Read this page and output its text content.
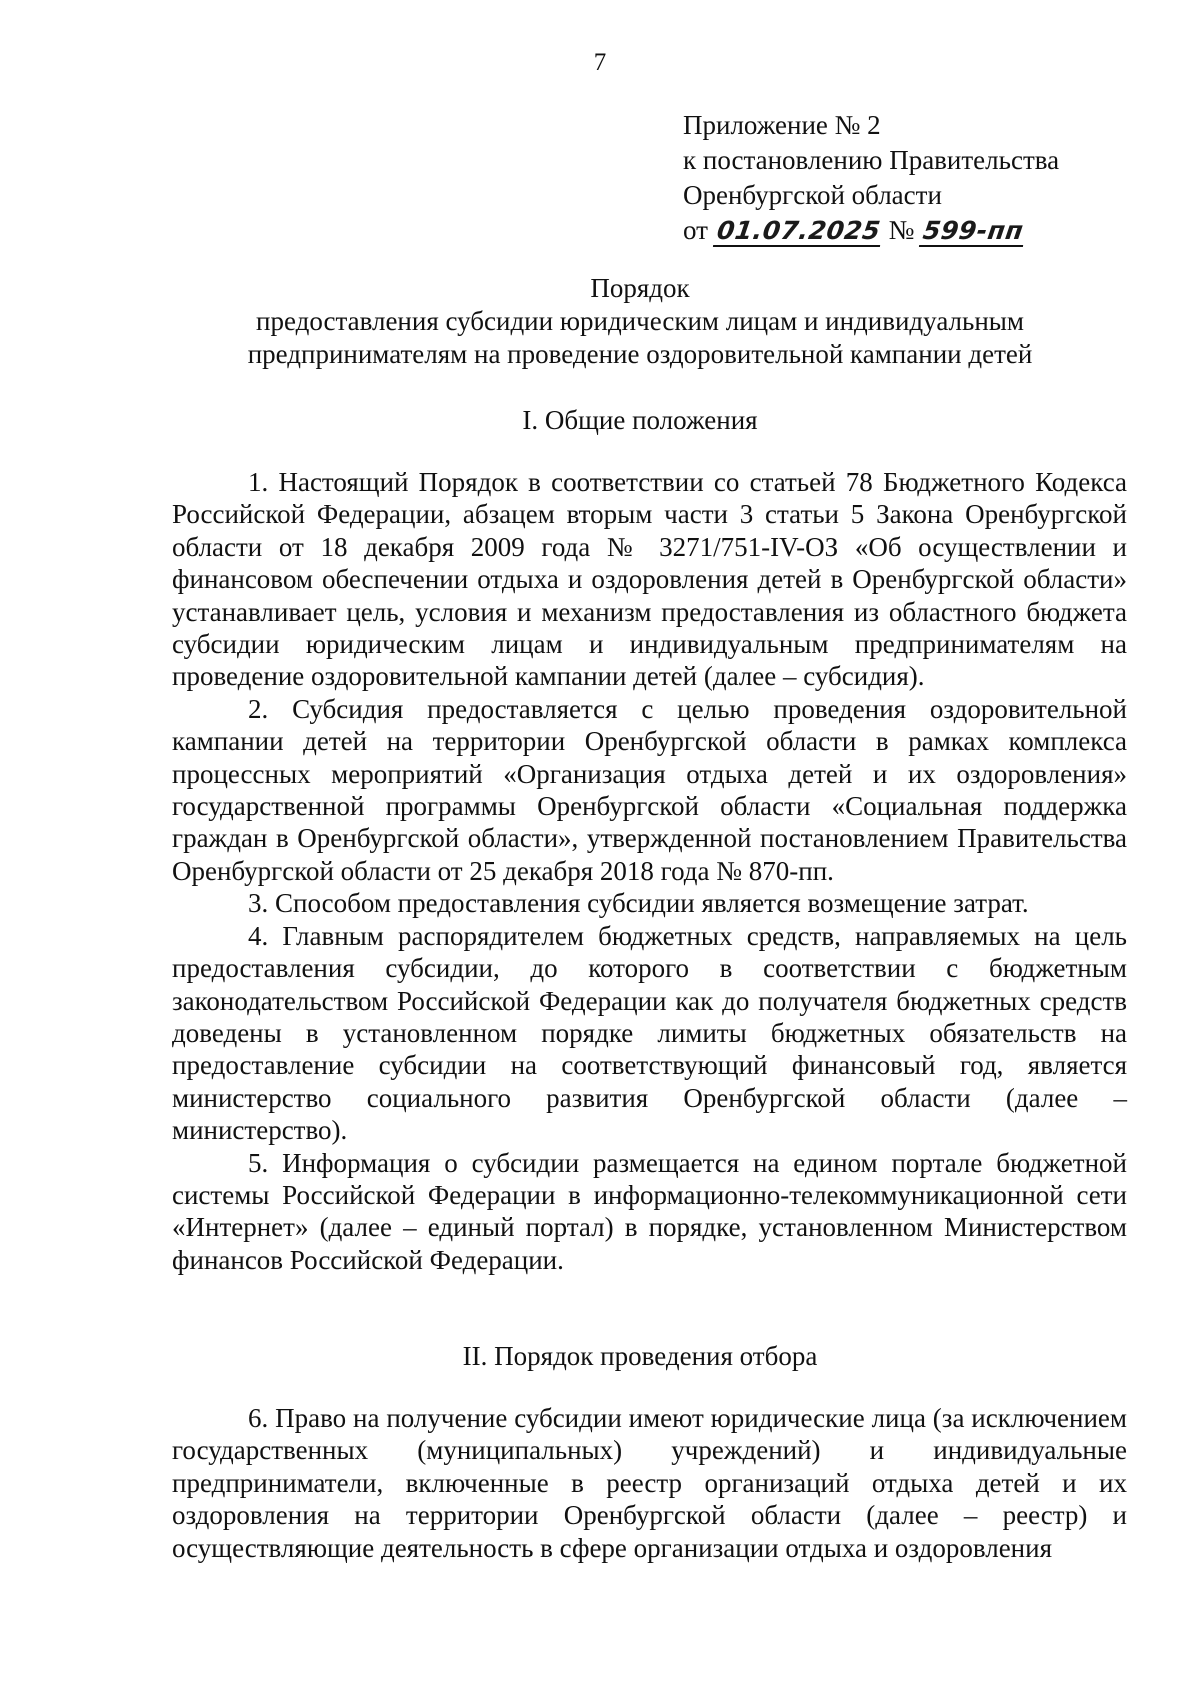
7
Приложение № 2
к постановлению Правительства
Оренбургской области
от 01.07.2025 № 599-пп
Порядок
предоставления субсидии юридическим лицам и индивидуальным
предпринимателям на проведение оздоровительной кампании детей
I. Общие положения

1. Настоящий Порядок в соответствии со статьей 78 Бюджетного Кодекса Российской Федерации, абзацем вторым части 3 статьи 5 Закона Оренбургской области от 18 декабря 2009 года № 3271/751-IV-ОЗ «Об осуществлении и финансовом обеспечении отдыха и оздоровления детей в Оренбургской области» устанавливает цель, условия и механизм предоставления из областного бюджета субсидии юридическим лицам и индивидуальным предпринимателям на проведение оздоровительной кампании детей (далее – субсидия).

2. Субсидия предоставляется с целью проведения оздоровительной кампании детей на территории Оренбургской области в рамках комплекса процессных мероприятий «Организация отдыха детей и их оздоровления» государственной программы Оренбургской области «Социальная поддержка граждан в Оренбургской области», утвержденной постановлением Правительства Оренбургской области от 25 декабря 2018 года № 870-пп.

3. Способом предоставления субсидии является возмещение затрат.

4. Главным распорядителем бюджетных средств, направляемых на цель предоставления субсидии, до которого в соответствии с бюджетным законодательством Российской Федерации как до получателя бюджетных средств доведены в установленном порядке лимиты бюджетных обязательств на предоставление субсидии на соответствующий финансовый год, является министерство социального развития Оренбургской области (далее – министерство).

5. Информация о субсидии размещается на едином портале бюджетной системы Российской Федерации в информационно-телекоммуникационной сети «Интернет» (далее – единый портал) в порядке, установленном Министерством финансов Российской Федерации.

II. Порядок проведения отбора

6. Право на получение субсидии имеют юридические лица (за исключением государственных (муниципальных) учреждений) и индивидуальные предприниматели, включенные в реестр организаций отдыха детей и их оздоровления на территории Оренбургской области (далее – реестр) и осуществляющие деятельность в сфере организации отдыха и оздоровления
